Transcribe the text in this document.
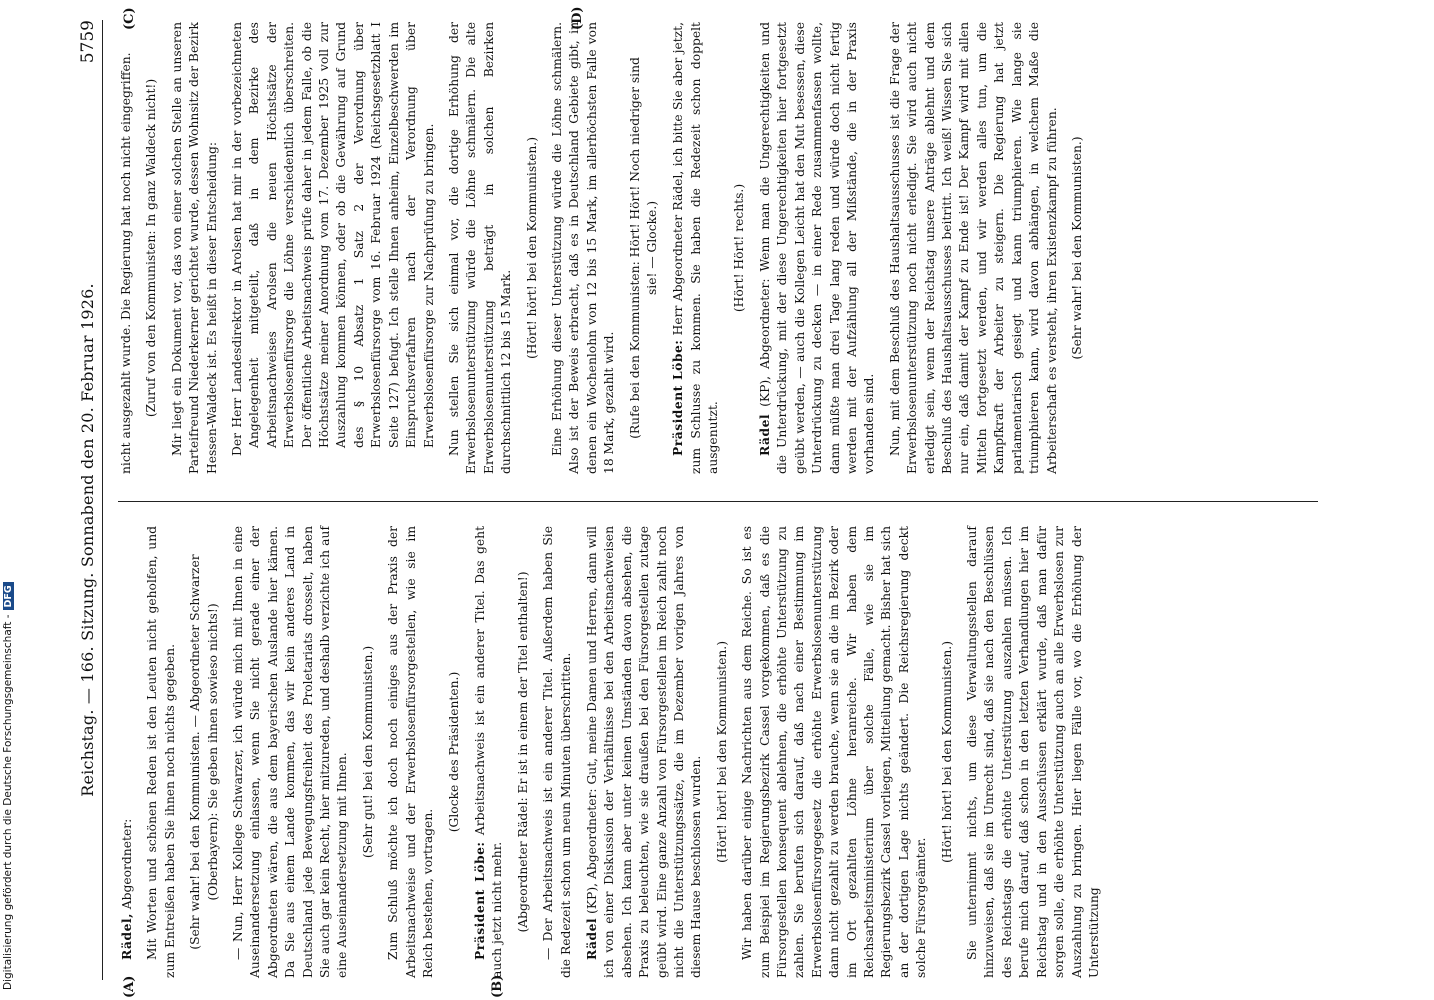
Reichstag. — 166. Sitzung. Sonnabend den 20. Februar 1926.
5759
(A)	(B)
(C)	(D)

Rädel, Abgeordneter: Mit Worten und schönen Reden ist den Leuten nicht geholfen, und zum Entreißen haben Sie ihnen noch nichts gegeben. (Sehr wahr! bei den Kommunisten. — Abgeordneter Schwarzer (Oberbayern): Sie geben ihnen sowieso nichts!) — Nun, Herr Kollege Schwarzer, ich würde mich mit Ihnen in eine Auseinandersetzung einlassen, wenn Sie nicht gerade einer der Abgeordneten wären, die aus dem bayerischen Auslande hier kämen. Da Sie aus einem Lande kommen, das wir kein anderes Land in Deutschland jede Bewegungsfreiheit des Proletariats drosselt, haben Sie auch gar kein Recht, hier mitzureden, und deshalb verzichte ich auf eine Auseinandersetzung mit Ihnen.

(Sehr gut! bei den Kommunisten.) Zum Schluß möchte ich doch noch einiges aus der Praxis der Arbeitsnachweise und der Erwerbslosenfürsorgestellen, wie sie im Reich bestehen, vortragen.

(Glocke des Präsidenten.)

Präsident Löbe: Arbeitsnachweis ist ein anderer Titel. Das geht auch jetzt nicht mehr. (Abgeordneter Rädel: Er ist in einem der Titel enthalten!) — Der Arbeitsnachweis ist ein anderer Titel. Außerdem haben Sie die Redezeit schon um neun Minuten überschritten. Rädel (KP), Abgeordneter: Gut, meine Damen und Herren, dann will ich von einer Diskussion der Verhältnisse bei den Arbeitsnachweisen absehen. Ich kann aber unter keinen Umständen davon absehen, die Praxis zu beleuchten, wie sie draußen bei den Fürsorgestellen zutage geübt wird. Eine ganze Anzahl von Fürsorgestellen im Reich zahlt noch nicht die Unterstützungssätze, die im Dezember vorigen Jahres von diesem Hause beschlossen wurden.

(Hört! hört! bei den Kommunisten.) Wir haben darüber einige Nachrichten aus dem Reiche. So ist es zum Beispiel im Regierungsbezirk Cassel vorgekommen, daß es die Fürsorgestellen konsequent ablehnen, die erhöhte Unterstützung zu zahlen. Sie berufen sich darauf, daß nach einer Bestimmung im Erwerbslosenfürsorgegesetz die erhöhte Erwerbslosenunterstützung dann nicht gezahlt zu werden brauche, wenn sie an die im Bezirk oder im Ort gezahlten Löhne heranreiche. Wir haben dem Reichsarbeitsministerium über solche Fälle, wie sie im Regierungsbezirk Cassel vorliegen, Mitteilung gemacht. Bisher hat sich an der dortigen Lage nichts geändert. Die Reichsregierung deckt solche Fürsorgeämter.

(Hört! hört! bei den Kommunisten.) Sie unternimmt nichts, um diese Verwaltungsstellen darauf hinzuweisen, daß sie im Unrecht sind, daß sie nach den Beschlüssen des Reichstags die erhöhte Unterstützung auszahlen müssen. Ich berufe mich darauf, daß schon in den letzten Verhandlungen hier im Reichstag und in den Ausschüssen erklärt wurde, daß man dafür sorgen solle, die erhöhte Unterstützung auch an alle Erwerbslosen zur Auszahlung zu bringen. Hier liegen Fälle vor, wo die Erhöhung der Unterstützung

nicht ausgezahlt wurde. Die Regierung hat noch nicht eingegriffen. (Zuruf von den Kommunisten: In ganz Waldeck nicht!) Mir liegt ein Dokument vor, das von einer solchen Stelle an unseren Parteifreund Niederkerner gerichtet wurde, dessen Wohnsitz der Bezirk Hessen-Waldeck ist. Es heißt in dieser Entscheidung: Der Herr Landesdirektor in Arolsen hat mir in der vorbezeichneten Angelegenheit mitgeteilt, daß in dem Bezirke des Arbeitsnachweises Arolsen die neuen Höchstsätze der Erwerbslosenfürsorge die Löhne verschiedentlich überschreiten. Der öffentliche Arbeitsnachweis prüfe daher in jedem Falle, ob die Höchstsätze meiner Anordnung vom 17. Dezember 1925 voll zur Auszahlung kommen können, oder ob die Gewährung auf Grund des § 10 Absatz 1 Satz 2 der Verordnung über Erwerbslosenfürsorge vom 16. Februar 1924 (Reichsgesetzblatt I Seite 127) befugt. Ich stelle Ihnen anheim, Einzelbeschwerden im Einspruchsverfahren nach der Verordnung über Erwerbslosenfürsorge zur Nachprüfung zu bringen. Nun stellen Sie sich einmal vor, die dortige Erhöhung der Erwerbslosenunterstützung würde die Löhne schmälern. Die alte Erwerbslosenunterstützung beträgt in solchen Bezirken durchschnittlich 12 bis 15 Mark.

(Hört! hört! bei den Kommunisten.) Eine Erhöhung dieser Unterstützung würde die Löhne schmälern. Also ist der Beweis erbracht, daß es in Deutschland Gebiete gibt, in denen ein Wochenlohn von 12 bis 15 Mark, im allerhöchsten Falle von 18 Mark, gezahlt wird. (Rufe bei den Kommunisten: Hört! Hört! Noch niedriger sind sie! — Glocke.)

Präsident Löbe: Herr Abgeordneter Rädel, ich bitte Sie aber jetzt, zum Schlusse zu kommen. Sie haben die Redezeit schon doppelt ausgenutzt.

(Hört! Hört! rechts.)

Rädel (KP), Abgeordneter: Wenn man die Ungerechtigkeiten und die Unterdrückung, mit der diese Ungerechtigkeiten hier fortgesetzt geübt werden, — auch die Kollegen Leicht hat den Mut besessen, diese Unterdrückung zu decken — in einer Rede zusammenfassen wollte, dann müßte man drei Tage lang reden und würde doch nicht fertig werden mit der Aufzählung all der Mißstände, die in der Praxis vorhanden sind. Nun, mit dem Beschluß des Haushaltsausschusses ist die Frage der Erwerbslosenunterstützung noch nicht erledigt. Sie wird auch nicht erledigt sein, wenn der Reichstag unsere Anträge ablehnt und dem Beschluß des Haushaltsausschusses beitritt. Ich weiß! Wissen Sie sich nur ein, daß damit der Kampf zu Ende ist! Der Kampf wird mit allen Mitteln fortgesetzt werden, und wir werden alles tun, um die Kampfkraft der Arbeiter zu steigern. Die Regierung hat jetzt parlamentarisch gesiegt und kann triumphieren. Wie lange sie triumphieren kann, wird davon abhängen, in welchem Maße die Arbeiterschaft es versteht, ihren Existenzkampf zu führen. (Sehr wahr! bei den Kommunisten.)

Digitalisierung gefördert durch die Deutsche Forschungsgemeinschaft -DFG
